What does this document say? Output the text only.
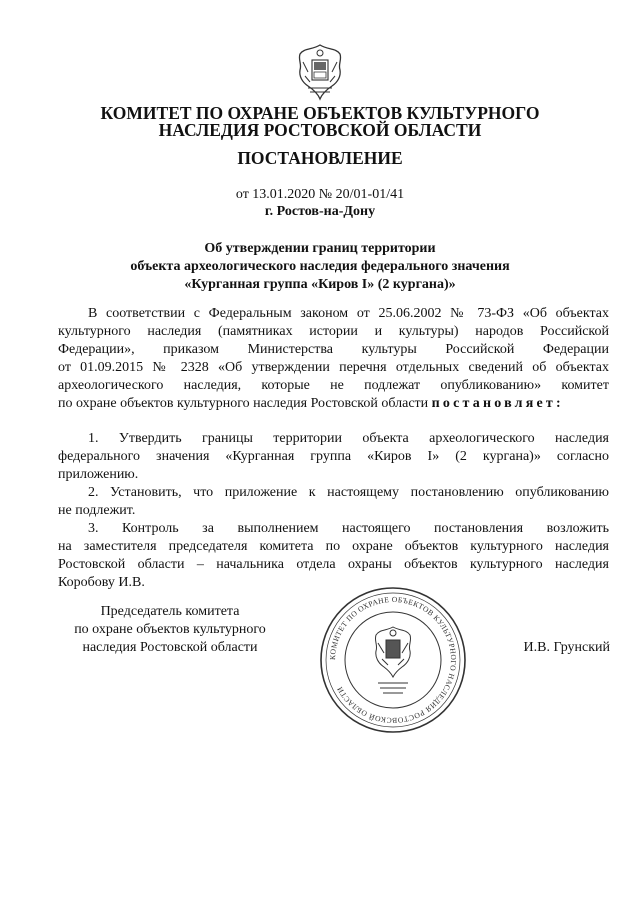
КОМИТЕТ ПО ОХРАНЕ ОБЪЕКТОВ КУЛЬТУРНОГО
НАСЛЕДИЯ РОСТОВСКОЙ ОБЛАСТИ
ПОСТАНОВЛЕНИЕ
от 13.01.2020 № 20/01-01/41
г. Ростов-на-Дону
Об утверждении границ территории
объекта археологического наследия федерального значения
«Курганная группа «Киров I» (2 кургана)»
В соответствии с Федеральным законом от 25.06.2002 № 73-ФЗ «Об объектах
культурного наследия (памятниках истории и культуры) народов Российской
Федерации», приказом Министерства культуры Российской Федерации
от 01.09.2015 № 2328 «Об утверждении перечня отдельных сведений об объектах
археологического наследия, которые не подлежат опубликованию» комитет
по охране объектов культурного наследия Ростовской области постановляет:
1. Утвердить границы территории объекта археологического наследия
федерального значения «Курганная группа «Киров I» (2 кургана)» согласно
приложению.
2. Установить, что приложение к настоящему постановлению опубликованию
не подлежит.
3. Контроль за выполнением настоящего постановления возложить
на заместителя председателя комитета по охране объектов культурного наследия
Ростовской области – начальника отдела охраны объектов культурного наследия
Коробову И.В.
Председатель комитета
по охране объектов культурного
наследия Ростовской области	И.В. Грунский
КОМИТЕТ ПО ОХРАНЕ ОБЪЕКТОВ КУЛЬТУРНОГО НАСЛЕДИЯ РОСТОВСКОЙ ОБЛАСТИ
